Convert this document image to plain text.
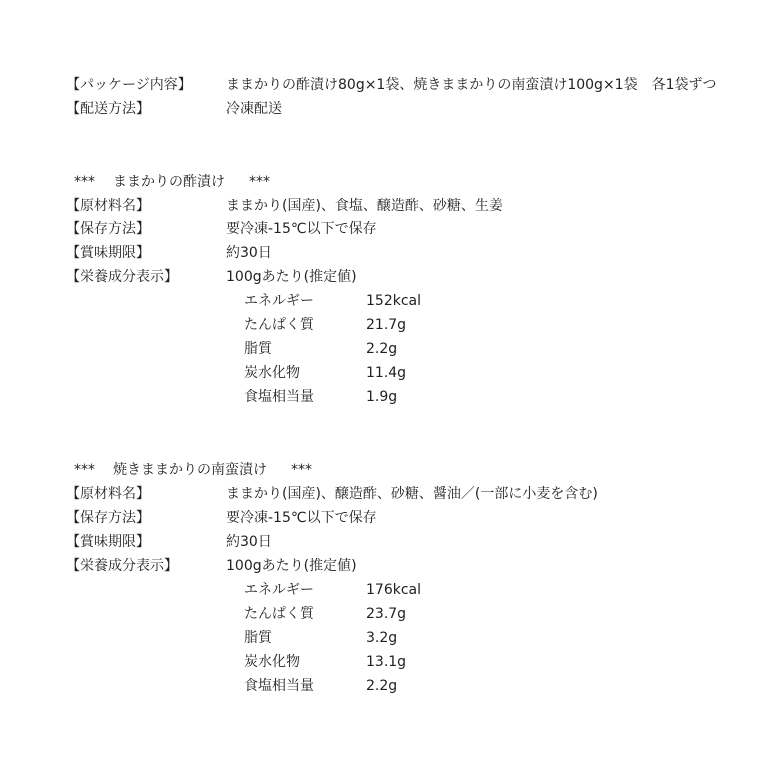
【パッケージ内容】 ままかりの酢漬け80g×1袋、焼きままかりの南蛮漬け100g×1袋　各1袋ずつ
【配送方法】	冷凍配送
*** ままかりの酢漬け ***
【原材料名】	ままかり(国産)、食塩、醸造酢、砂糖、生姜
【保存方法】	要冷凍-15℃以下で保存
【賞味期限】	約30日
【栄養成分表示】	100gあたり(推定値)
エネルギー	152kcal
たんぱく質	21.7g
脂質	2.2g
炭水化物	11.4g
食塩相当量	1.9g
*** 焼きままかりの南蛮漬け ***
【原材料名】	ままかり(国産)、醸造酢、砂糖、醤油／(一部に小麦を含む)
【保存方法】	要冷凍-15℃以下で保存
【賞味期限】	約30日
【栄養成分表示】	100gあたり(推定値)
エネルギー	176kcal
たんぱく質	23.7g
脂質	3.2g
炭水化物	13.1g
食塩相当量	2.2g
